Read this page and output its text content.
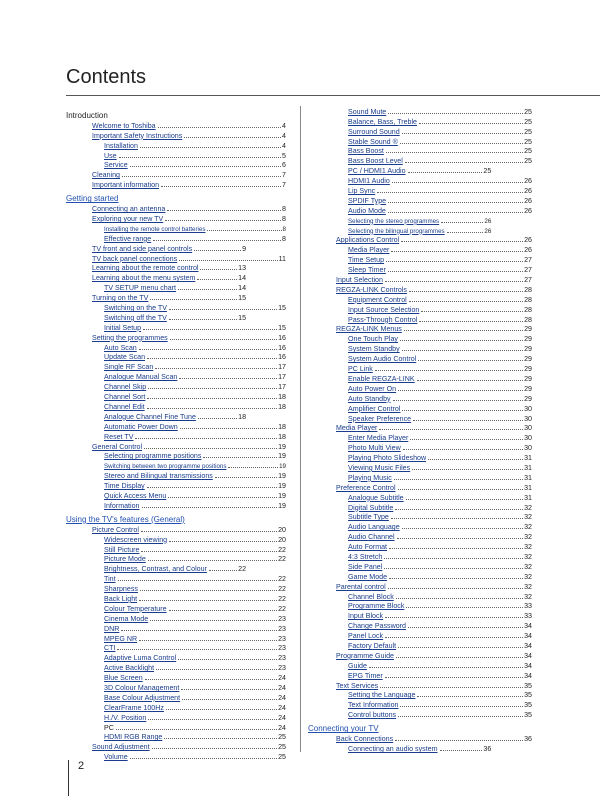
Contents
Introduction
Welcome to Toshiba	4
Important Safety Instructions	4
Installation	4
Use	5
Service	6
Cleaning	7
Important information	7
Getting started
Connecting an antenna	8
Exploring your new TV	8
Installing the remote control batteries	8
Effective range	8
TV front and side panel controls	9
TV back panel connections	11
Learning about the remote control	13
Learning about the menu system	14
TV SETUP menu chart	14
Turning on the TV	15
Switching on the TV	15
Switching off the TV	15
Initial Setup	15
Setting the programmes	16
Auto Scan	16
Update Scan	16
Single RF Scan	17
Analogue Manual Scan	17
Channel Skip	17
Channel Sort	18
Channel Edit	18
Analogue Channel Fine Tune	18
Automatic Power Down	18
Reset TV	18
General Control	19
Selecting programme positions	19
Switching between two programme positions	19
Stereo and Bilingual transmissions	19
Time Display	19
Quick Access Menu	19
Information	19
Using the TV's features (General)
Picture Control	20
Widescreen viewing	20
Still Picture	22
Picture Mode	22
Brightness, Contrast, and Colour	22
Tint	22
Sharpness	22
Back Light	22
Colour Temperature	22
Cinema Mode	23
DNR	23
MPEG NR	23
CTI	23
Adaptive Luma Control	23
Active Backlight	23
Blue Screen	24
3D Colour Management	24
Base Colour Adjustment	24
ClearFrame 100Hz	24
H./V. Position	24
PC	24
HDMI RGB Range	25
Sound Adjustment	25
Volume	25
Sound Mute	25
Balance, Bass, Treble	25
Surround Sound	25
Stable Sound ®	25
Bass Boost	25
Bass Boost Level	25
PC / HDMI1 Audio	25
HDMI1 Audio	26
Lip Sync	26
SPDIF Type	26
Audio Mode	26
Selecting the stereo programmes	26
Selecting the bilingual programmes	26
Applications Control	26
Media Player	26
Time Setup	27
Sleep Timer	27
Input Selection	27
REGZA-LINK Controls	28
Equipment Control	28
Input Source Selection	28
Pass-Through Control	28
REGZA-LINK Menus	29
One Touch Play	29
System Standby	29
System Audio Control	29
PC Link	29
Enable REGZA-LINK	29
Auto Power On	29
Auto Standby	29
Amplifier Control	30
Speaker Preference	30
Media Player	30
Enter Media Player	30
Photo Multi View	30
Playing Photo Slideshow	31
Viewing Music Files	31
Playing Music	31
Preference Control	31
Analogue Subtitle	31
Digital Subtitle	32
Subtitle Type	32
Audio Language	32
Audio Channel	32
Auto Format	32
4:3 Stretch	32
Side Panel	32
Game Mode	32
Parental control	32
Channel Block	32
Programme Block	33
Input Block	33
Change Password	34
Panel Lock	34
Factory Default	34
Programme Guide	34
Guide	34
EPG Timer	34
Text Services	35
Setting the Language	35
Text Information	35
Control buttons	35
Connecting your TV
Back Connections	36
Connecting an audio system	36
2
